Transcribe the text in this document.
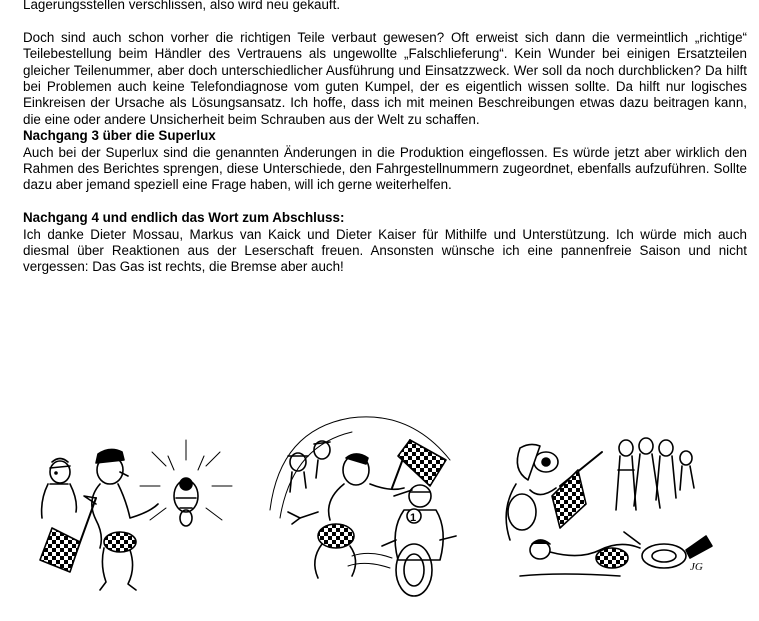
Lagerungsstellen verschlissen, also wird neu gekauft.

Doch sind auch schon vorher die richtigen Teile verbaut gewesen? Oft erweist sich dann die vermeintlich „richtige“ Teilebestellung beim Händler des Vertrauens als ungewollte „Falschlieferung“. Kein Wunder bei einigen Ersatzteilen gleicher Teilenummer, aber doch unterschiedlicher Ausführung und Einsatzzweck. Wer soll da noch durchblicken? Da hilft bei Problemen auch keine Telefondiagnose vom guten Kumpel, der es eigentlich wissen sollte. Da hilft nur logisches Einkreisen der Ursache als Lösungsansatz. Ich hoffe, dass ich mit meinen Beschreibungen etwas dazu beitragen kann, die eine oder andere Unsicherheit beim Schrauben aus der Welt zu schaffen.

Nachgang 3 über die Superlux

Auch bei der Superlux sind die genannten Änderungen in die Produktion eingeflossen. Es würde jetzt aber wirklich den Rahmen des Berichtes sprengen, diese Unterschiede, den Fahrgestellnummern zugeordnet, ebenfalls aufzuführen. Sollte dazu aber jemand speziell eine Frage haben, will ich gerne weiterhelfen.

Nachgang 4 und endlich das Wort zum Abschluss:

Ich danke Dieter Mossau, Markus van Kaick und Dieter Kaiser für Mithilfe und Unterstützung. Ich würde mich auch diesmal über Reaktionen aus der Leserschaft freuen. Ansonsten wünsche ich eine pannenfreie Saison und nicht vergessen: Das Gas ist rechts, die Bremse aber auch!

1
JG
